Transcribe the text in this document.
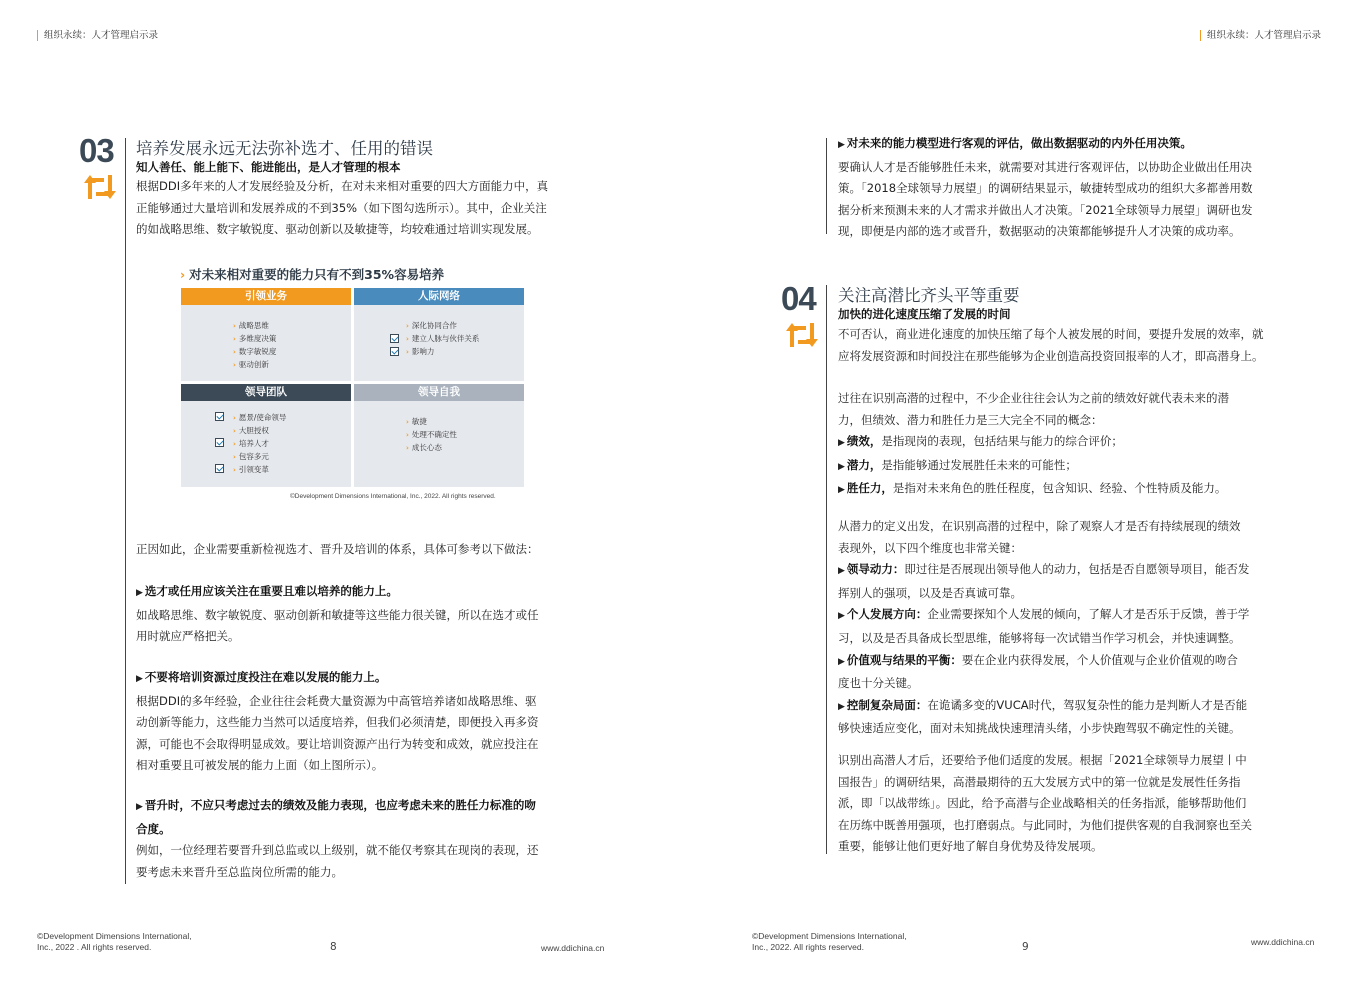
组织永续：人才管理启示录	组织永续：人才管理启示录
03 培养发展永远无法弥补选才、任用的错误
知人善任、能上能下、能进能出，是人才管理的根本
根据DDI多年来的人才发展经验及分析，在对未来相对重要的四大方面能力中，真
正能够通过大量培训和发展养成的不到35%（如下图勾选所示）。其中，企业关注
的如战略思维、数字敏锐度、驱动创新以及敏捷等，均较难通过培训实现发展。
› 对未来相对重要的能力只有不到35%容易培养
引领业务
› 战略思维
› 多维度决策
› 数字敏锐度
› 驱动创新
人际网络
› 深化协同合作
› 建立人脉与伙伴关系
› 影响力
领导团队
› 愿景/使命领导
› 大胆授权
› 培养人才
› 包容多元
› 引领变革
领导自我
› 敏捷
› 处理不确定性
› 成长心态
©Development Dimensions International, Inc., 2022. All rights reserved.

正因如此，企业需要重新检视选才、晋升及培训的体系，具体可参考以下做法：

▶ 选才或任用应该关注在重要且难以培养的能力上。
如战略思维、数字敏锐度、驱动创新和敏捷等这些能力很关键，所以在选才或任
用时就应严格把关。
▶ 不要将培训资源过度投注在难以发展的能力上。
根据DDI的多年经验，企业往往会耗费大量资源为中高管培养诸如战略思维、驱
动创新等能力，这些能力当然可以适度培养，但我们必须清楚，即便投入再多资
源，可能也不会取得明显成效。要让培训资源产出行为转变和成效，就应投注在
相对重要且可被发展的能力上面（如上图所示）。
▶ 晋升时，不应只考虑过去的绩效及能力表现，也应考虑未来的胜任力标准的吻
合度。
例如，一位经理若要晋升到总监或以上级别，就不能仅考察其在现岗的表现，还
要考虑未来晋升至总监岗位所需的能力。
▶ 对未来的能力模型进行客观的评估，做出数据驱动的内外任用决策。
要确认人才是否能够胜任未来，就需要对其进行客观评估，以协助企业做出任用决
策。「2018全球领导力展望」的调研结果显示，敏捷转型成功的组织大多都善用数
据分析来预测未来的人才需求并做出人才决策。「2021全球领导力展望」调研也发
现，即便是内部的选才或晋升，数据驱动的决策都能够提升人才决策的成功率。
04 关注高潜比齐头平等重要
加快的进化速度压缩了发展的时间
不可否认，商业进化速度的加快压缩了每个人被发展的时间，要提升发展的效率，就
应将发展资源和时间投注在那些能够为企业创造高投资回报率的人才，即高潜身上。
过往在识别高潜的过程中，不少企业往往会认为之前的绩效好就代表未来的潜
力，但绩效、潜力和胜任力是三大完全不同的概念：
▶ 绩效，是指现岗的表现，包括结果与能力的综合评价；
▶ 潜力，是指能够通过发展胜任未来的可能性；
▶ 胜任力，是指对未来角色的胜任程度，包含知识、经验、个性特质及能力。
从潜力的定义出发，在识别高潜的过程中，除了观察人才是否有持续展现的绩效
表现外，以下四个维度也非常关键：
▶ 领导动力：即过往是否展现出领导他人的动力，包括是否自愿领导项目，能否发
挥别人的强项，以及是否真诚可靠。
▶ 个人发展方向：企业需要探知个人发展的倾向，了解人才是否乐于反馈，善于学
习，以及是否具备成长型思维，能够将每一次试错当作学习机会，并快速调整。
▶ 价值观与结果的平衡：要在企业内获得发展，个人价值观与企业价值观的吻合
度也十分关键。
▶ 控制复杂局面：在诡谲多变的VUCA时代，驾驭复杂性的能力是判断人才是否能
够快速适应变化，面对未知挑战快速理清头绪，小步快跑驾驭不确定性的关键。
识别出高潜人才后，还要给予他们适度的发展。根据「2021全球领导力展望丨中
国报告」的调研结果，高潜最期待的五大发展方式中的第一位就是发展性任务指
派，即「以战带练」。因此，给予高潜与企业战略相关的任务指派，能够帮助他们
在历练中既善用强项，也打磨弱点。与此同时，为他们提供客观的自我洞察也至关
重要，能够让他们更好地了解自身优势及待发展项。
©Development Dimensions International,
Inc., 2022 . All rights reserved.	8	www.ddichina.cn
©Development Dimensions International,
Inc., 2022. All rights reserved.	9	www.ddichina.cn
